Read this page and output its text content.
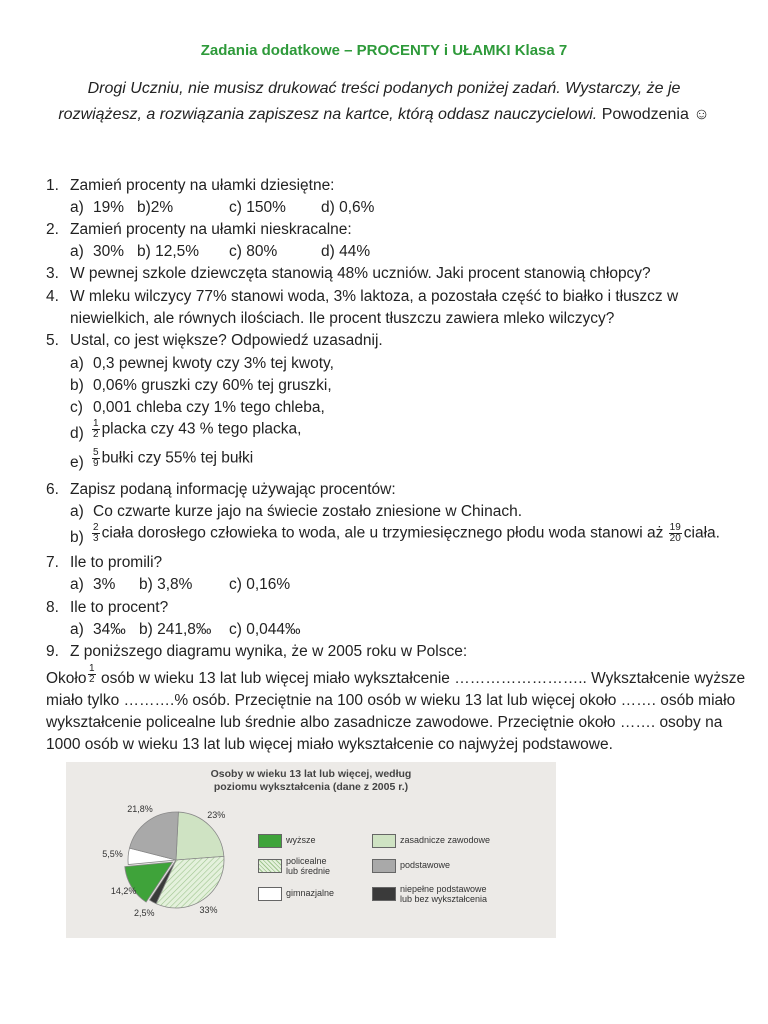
Zadania dodatkowe – PROCENTY i UŁAMKI Klasa 7
Drogi Uczniu, nie musisz drukować treści podanych poniżej zadań. Wystarczy, że je
rozwiążesz, a rozwiązania zapiszesz na kartce, którą oddasz nauczycielowi. Powodzenia ☺
1. Zamień procenty na ułamki dziesiętne:
a) 19% b)2%	c) 150% d) 0,6%
2. Zamień procenty na ułamki nieskracalne:
a) 30% b) 12,5% c) 80%	d) 44%
3. W pewnej szkole dziewczęta stanowią 48% uczniów. Jaki procent stanowią chłopcy?
4. W mleku wilczycy 77% stanowi woda, 3% laktoza, a pozostała część to białko i tłuszcz w
niewielkich, ale równych ilościach. Ile procent tłuszczu zawiera mleko wilczycy?
5. Ustal, co jest większe? Odpowiedź uzasadnij.
a) 0,3 pewnej kwoty czy 3% tej kwoty,
b) 0,06% gruszki czy 60% tej gruszki,
c) 0,001 chleba czy 1% tego chleba,
$d) \frac{1}{2}$ placka czy 43 % tego placka,
$e) \frac{5}{9}$ bułki czy 55% tej bułki
6. Zapisz podaną informację używając procentów:
a) Co czwarte kurze jajo na świecie zostało zniesione w Chinach.
$b) \frac{2}{3}$ ciała dorosłego człowieka to woda, ale u trzymiesięcznego płodu woda stanowi aż $\frac{19}{20}$ ciała.
7. Ile to promili?
a) 3% b) 3,8% c) 0,16%
8. Ile to procent?
a) 34‰ b) 241,8‰ c) 0,044‰
9. Z poniższego diagramu wynika, że w 2005 roku w Polsce:
Około $\frac{1}{2}$ osób w wieku 13 lat lub więcej miało wykształcenie …………………….. Wykształcenie wyższe
miało tylko ……….% osób. Przeciętnie na 100 osób w wieku 13 lat lub więcej około ……. osób miało
wykształcenie policealne lub średnie albo zasadnicze zawodowe. Przeciętnie około ……. osoby na
1000 osób w wieku 13 lat lub więcej miało wykształcenie co najwyżej podstawowe.
Osoby w wieku 13 lat lub więcej, według
poziomu wykształcenia (dane z 2005 r.)
23%
33%
2,5%
14,2%
5,5%
21,8%
wyższe
policealne
lub średnie
gimnazjalne
zasadnicze zawodowe
podstawowe
niepełne podstawowe
lub bez wykształcenia
